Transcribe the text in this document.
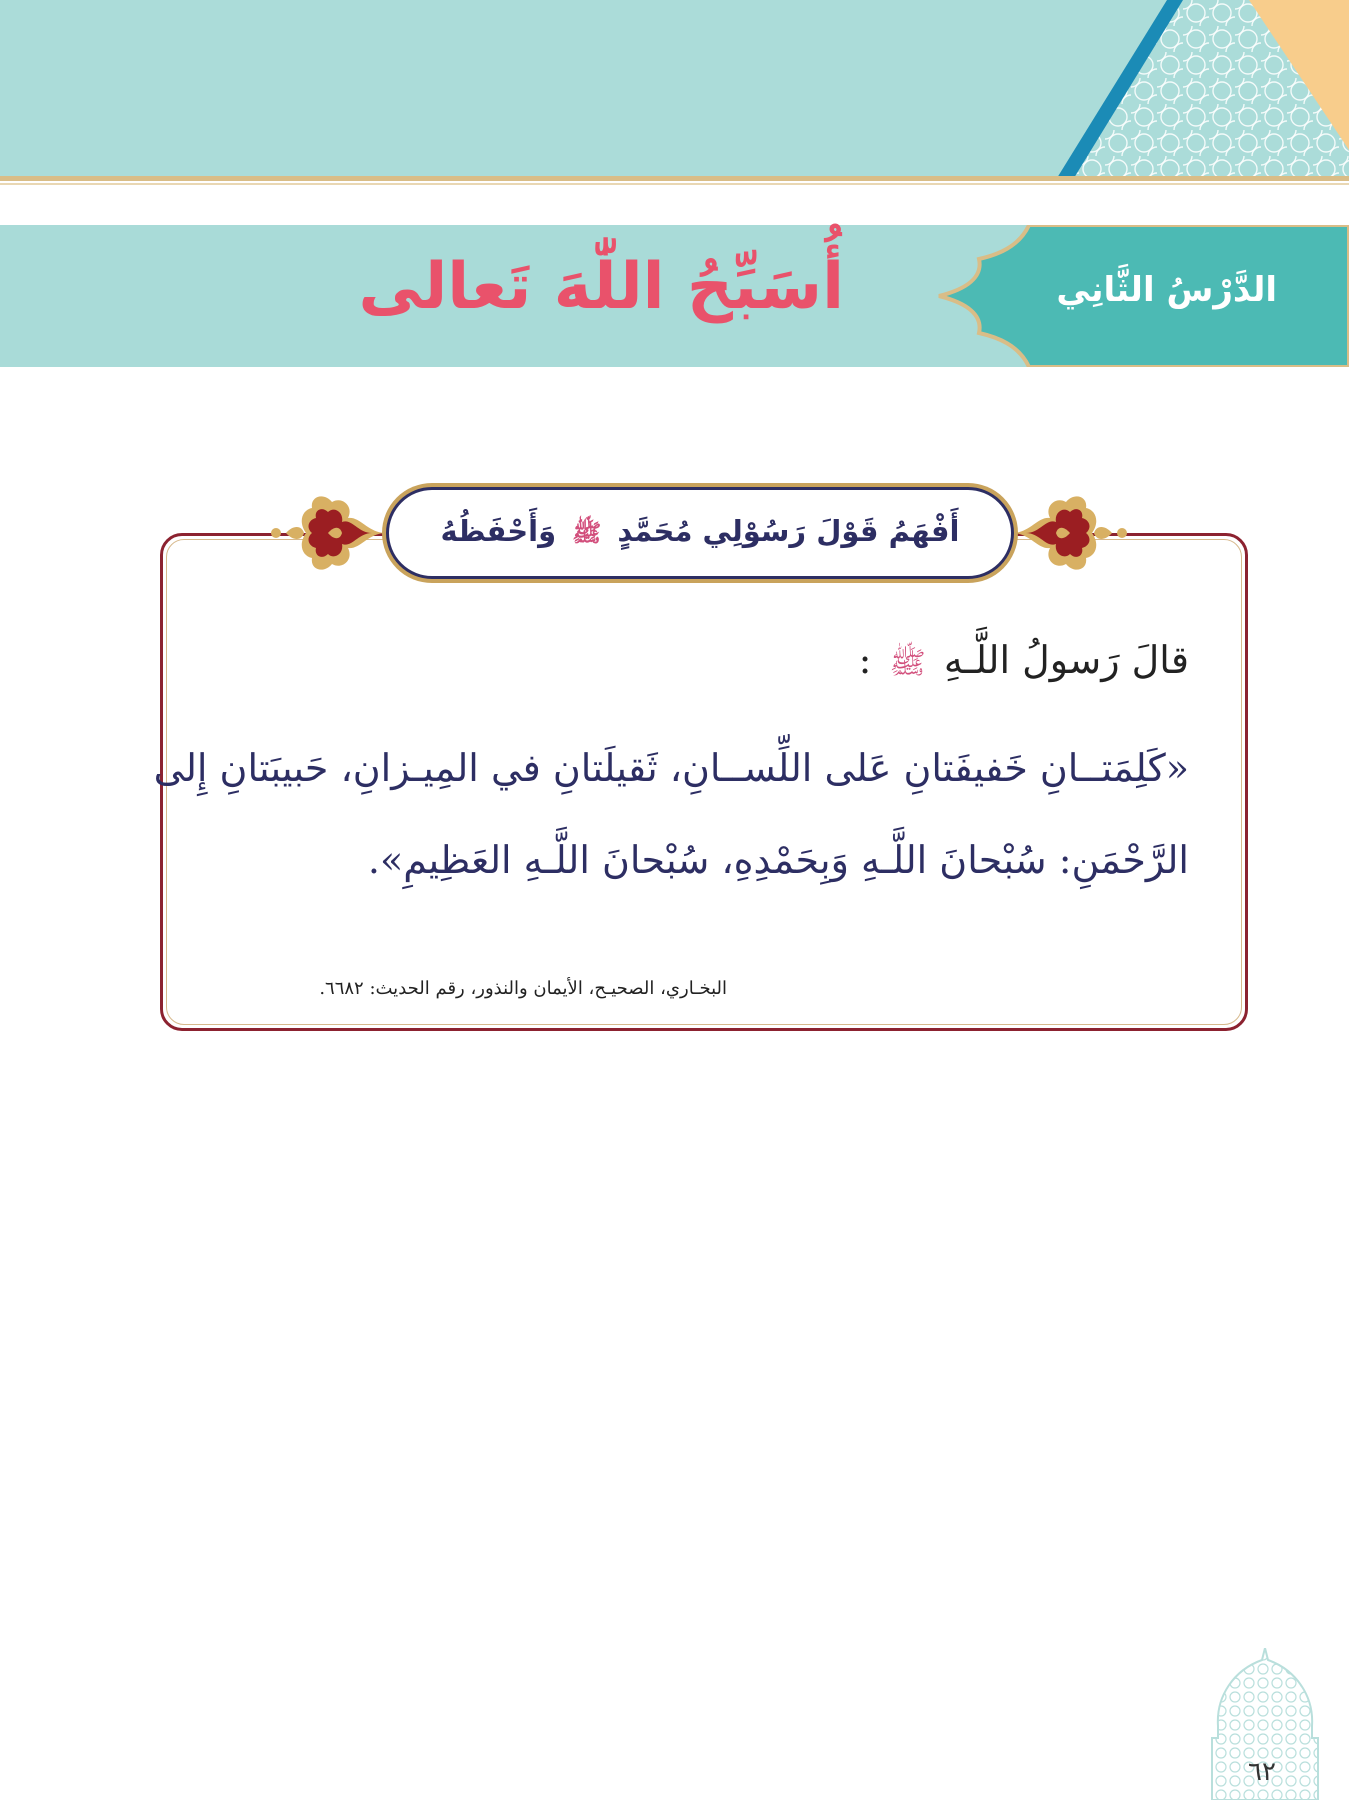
الدَّرْسُ الثَّانِي
أُسَبِّحُ اللّٰهَ تَعالى
أَفْهَمُ قَوْلَ رَسُوْلِي مُحَمَّدٍ ﷺ وَأَحْفَظُهُ
قالَ رَسولُ اللَّـهِ ﷺ :
«كَلِمَتــانِ خَفيفَتانِ عَلى اللِّســانِ، ثَقيلَتانِ في المِيـزانِ، حَبيبَتانِ إِلى
الرَّحْمَنِ: سُبْحانَ اللَّـهِ وَبِحَمْدِهِ، سُبْحانَ اللَّـهِ العَظِيمِ».
البخـاري، الصحيـح، الأيمان والنذور، رقم الحديث: ٦٦٨٢.
٦٢
